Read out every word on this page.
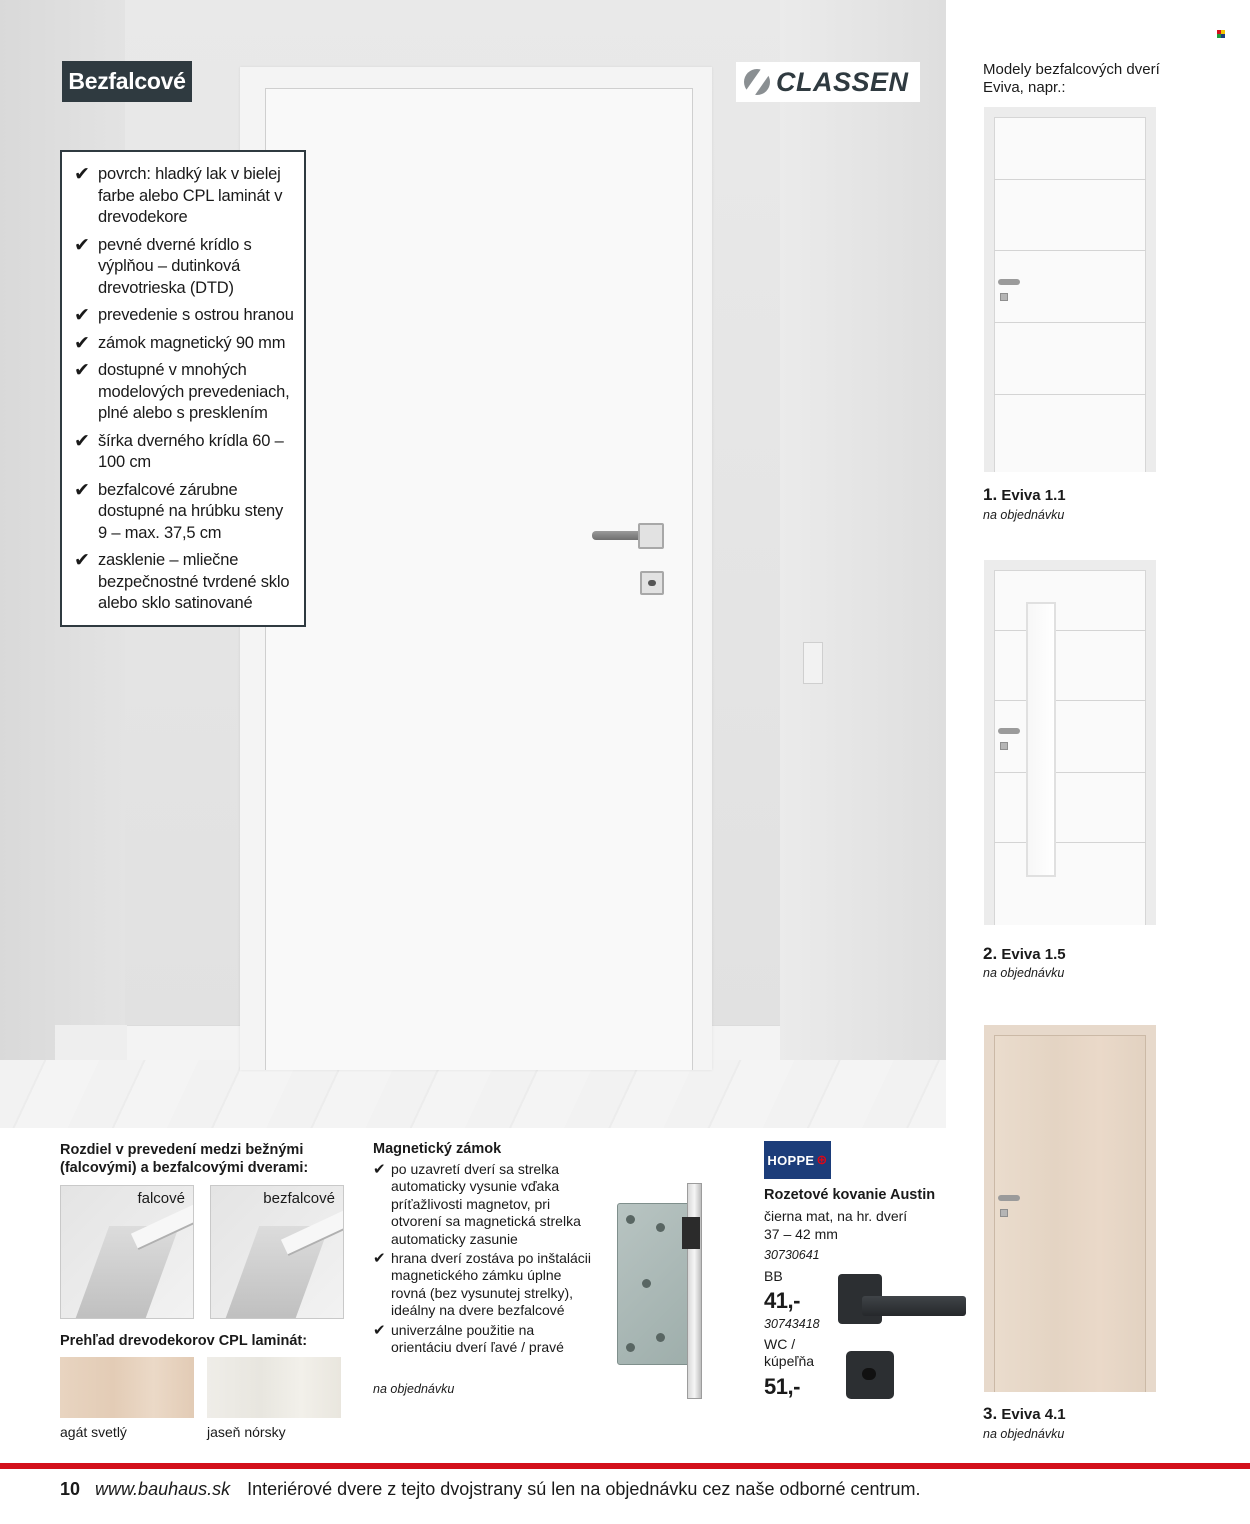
Bezfalcové	CLASSEN
✔ povrch: hladký lak v bielej farbe alebo CPL laminát v drevodekore
✔ pevné dverné krídlo s výplňou – dutinková drevotrieska (DTD)
✔ prevedenie s ostrou hranou
✔ zámok magnetický 90 mm
✔ dostupné v mnohých modelových prevedeniach, plné alebo s presklením
✔ šírka dverného krídla 60 – 100 cm
✔ bezfalcové zárubne dostupné na hrúbku steny 9 – max. 37,5 cm
✔ zasklenie – mliečne bezpečnostné tvrdené sklo alebo sklo satinované
Modely bezfalcových dverí Eviva, napr.:
1. Eviva 1.1
na objednávku
2. Eviva 1.5
na objednávku
3. Eviva 4.1
na objednávku
Rozdiel v prevedení medzi bežnými (falcovými) a bezfalcovými dverami:
falcové	bezfalcové
Prehľad drevodekorov CPL laminát:
agát svetlý	jaseň nórsky
Magnetický zámok
✔ po uzavretí dverí sa strelka automaticky vysunie vďaka príťažlivosti magnetov, pri otvorení sa magnetická strelka automaticky zasunie
✔ hrana dverí zostáva po inštalácii magnetického zámku úplne rovná (bez vysunutej strelky), ideálny na dvere bezfalcové
✔ univerzálne použitie na orientáciu dverí ľavé / pravé
na objednávku
HOPPE ⊕
Rozetové kovanie Austin
čierna mat, na hr. dverí 37 – 42 mm
30730641
BB
41,-
30743418
WC / kúpeľňa
51,-
10 www.bauhaus.sk Interiérové dvere z tejto dvojstrany sú len na objednávku cez naše odborné centrum.
